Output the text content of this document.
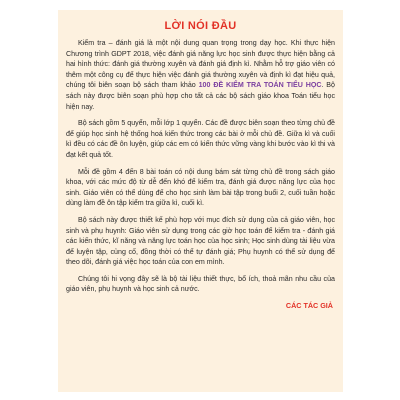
LỜI NÓI ĐẦU

Kiểm tra – đánh giá là một nội dung quan trọng trong dạy học. Khi thực hiện Chương trình GDPT 2018, việc đánh giá năng lực học sinh được thực hiện bằng cả hai hình thức: đánh giá thường xuyên và đánh giá định kì. Nhằm hỗ trợ giáo viên có thêm một công cụ để thực hiện việc đánh giá thường xuyên và định kì đạt hiệu quả, chúng tôi biên soạn bộ sách tham khảo 100 ĐỀ KIỂM TRA TOÁN TIỂU HỌC. Bộ sách này được biên soạn phù hợp cho tất cả các bộ sách giáo khoa Toán tiểu học hiện nay.

Bộ sách gồm 5 quyển, mỗi lớp 1 quyển. Các đề được biên soạn theo từng chủ đề để giúp học sinh hệ thống hoá kiến thức trong các bài ở mỗi chủ đề. Giữa kì và cuối kì đều có các đề ôn luyện, giúp các em có kiến thức vững vàng khi bước vào kì thi và đạt kết quả tốt.

Mỗi đề gồm 4 đến 8 bài toán có nội dung bám sát từng chủ đề trong sách giáo khoa, với các mức độ từ dễ đến khó để kiểm tra, đánh giá được năng lực của học sinh. Giáo viên có thể dùng để cho học sinh làm bài tập trong buổi 2, cuối tuần hoặc dùng làm đề ôn tập kiểm tra giữa kì, cuối kì.

Bộ sách này được thiết kế phù hợp với mục đích sử dụng của cả giáo viên, học sinh và phụ huynh: Giáo viên sử dụng trong các giờ học toán để kiểm tra - đánh giá các kiến thức, kĩ năng và năng lực toán học của học sinh; Học sinh dùng tài liệu vừa để luyện tập, củng cố, đồng thời có thể tự đánh giá; Phụ huynh có thể sử dụng để theo dõi, đánh giá việc học toán của con em mình.

Chúng tôi hi vọng đây sẽ là bộ tài liệu thiết thực, bổ ích, thoả mãn nhu cầu của giáo viên, phụ huynh và học sinh cả nước.

CÁC TÁC GIẢ
